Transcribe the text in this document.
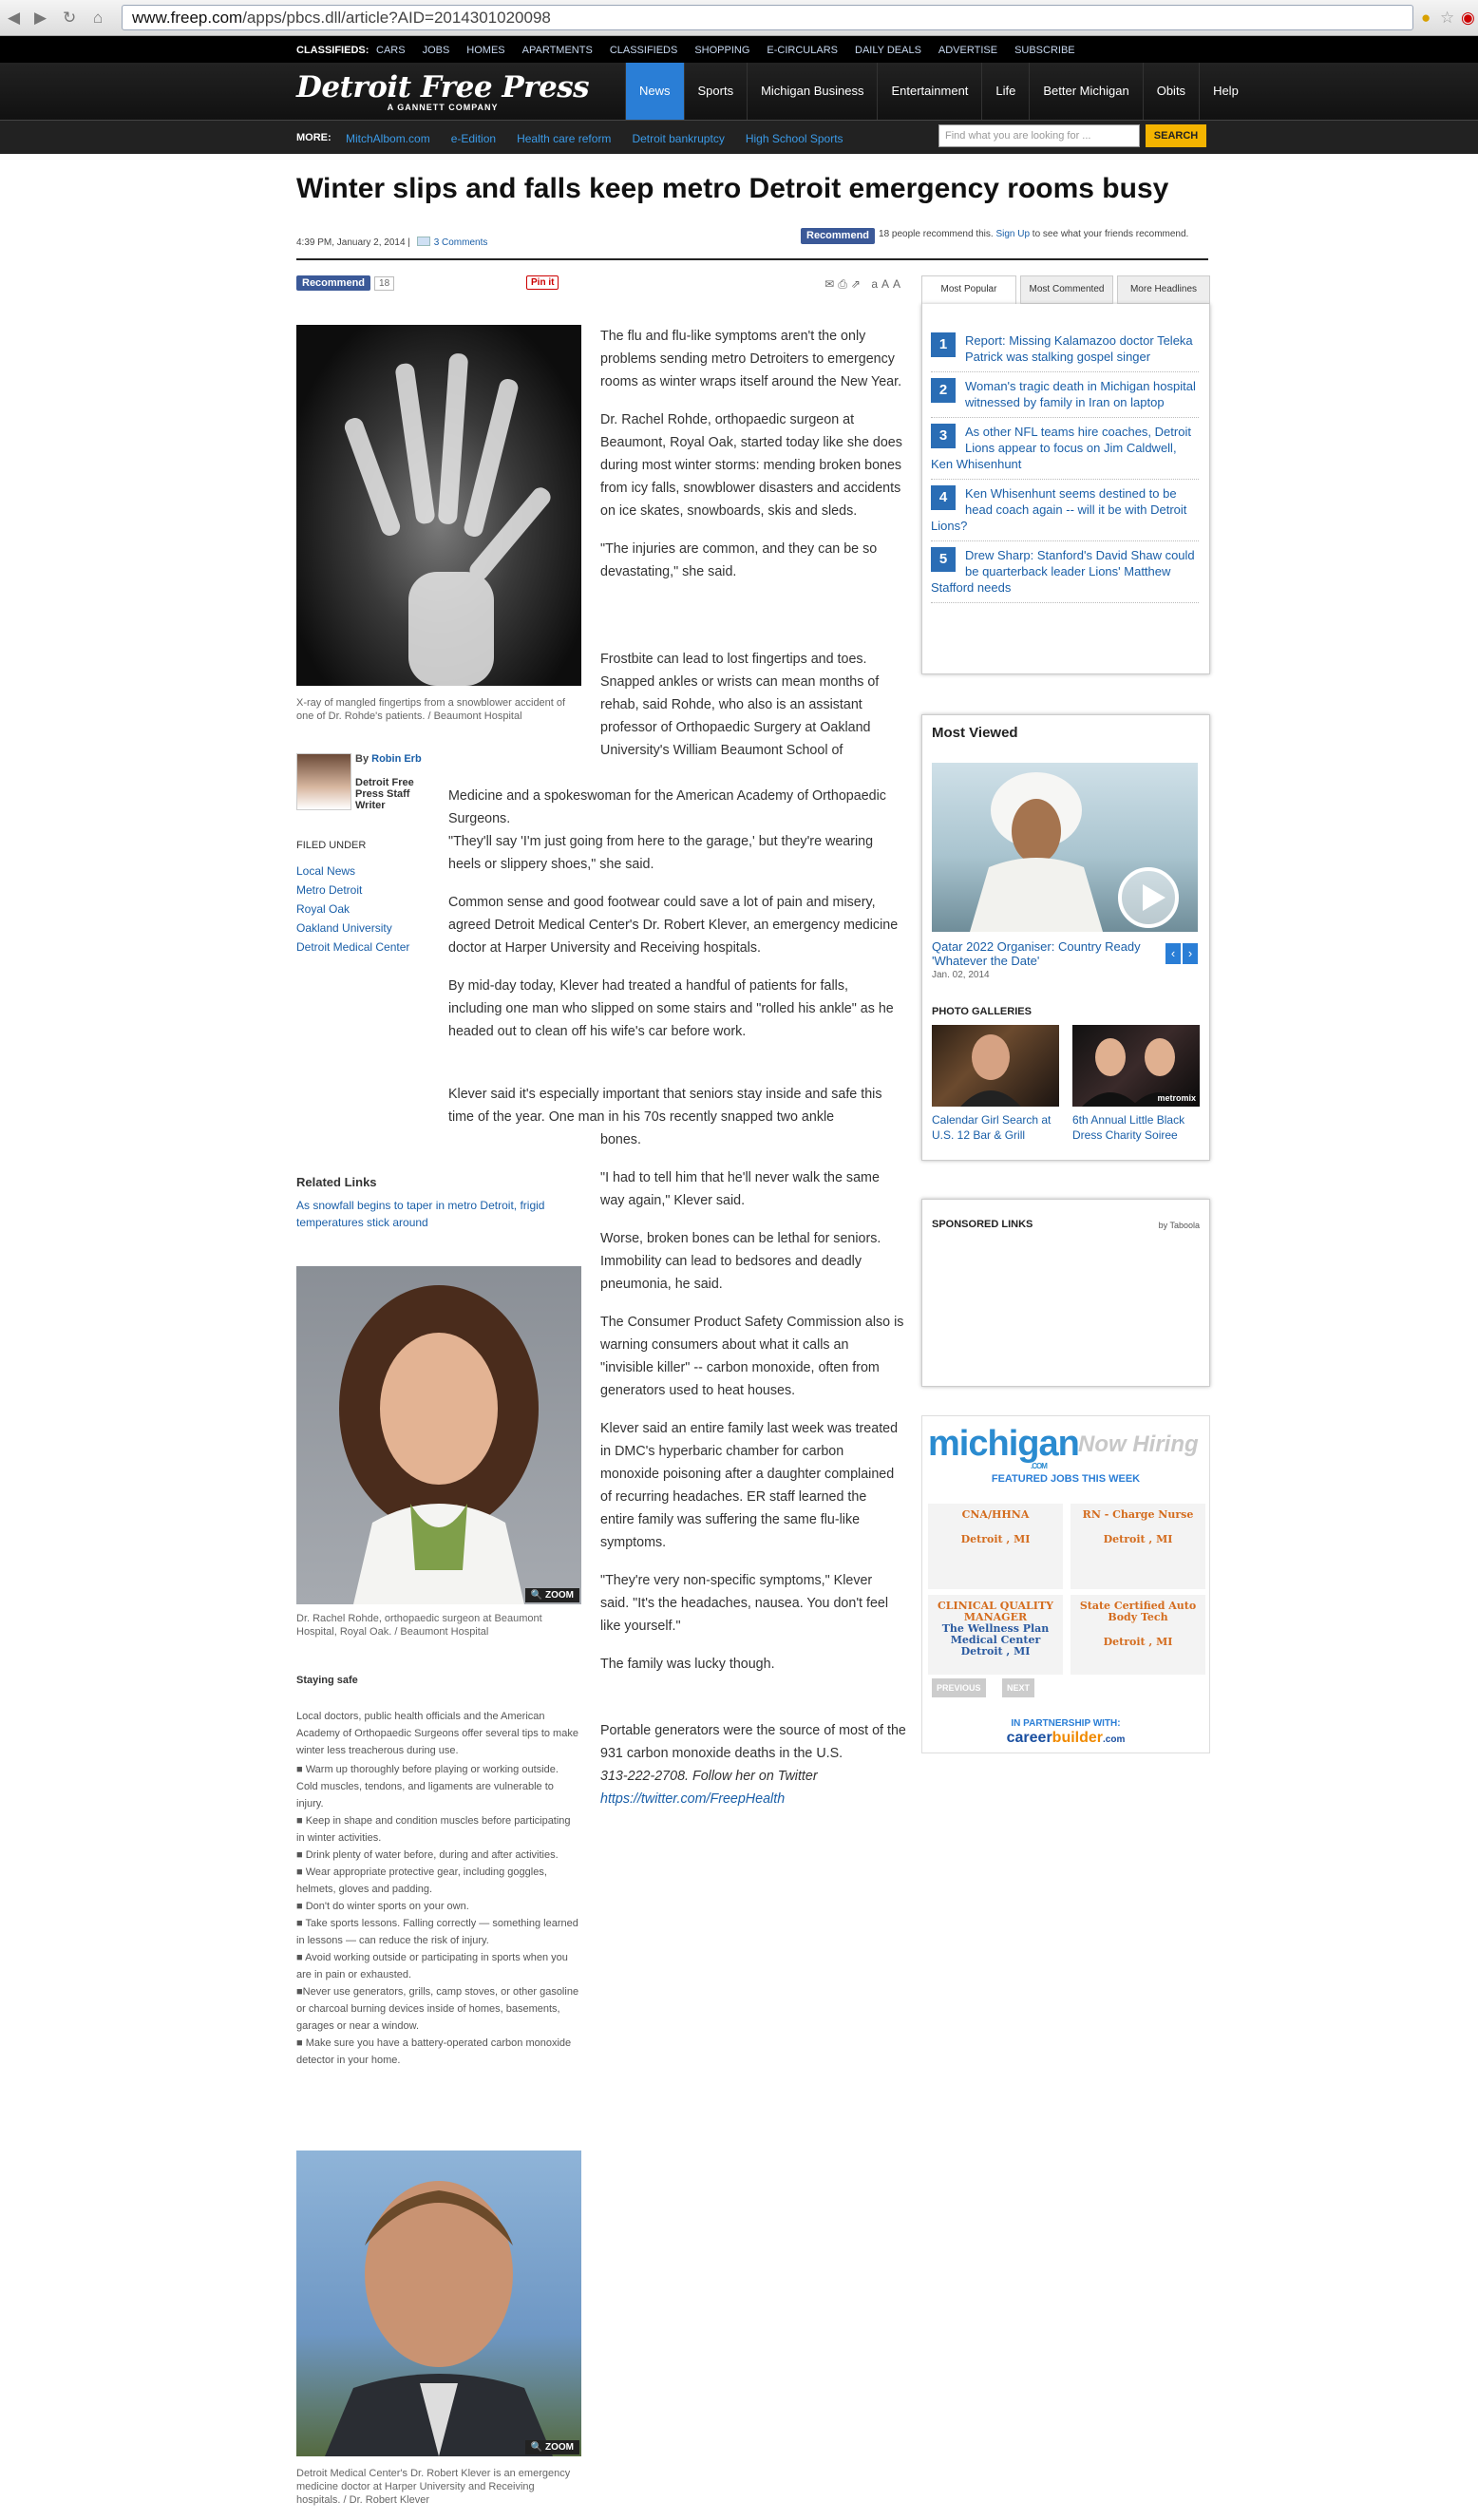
◀ ▶ ↻ ⌂	www.freep.com/apps/pbcs.dll/article?AID=2014301020098	● ☆ ◉
CLASSIFIEDS: CARS JOBS HOMES APARTMENTS CLASSIFIEDS SHOPPING E-CIRCULARS DAILY DEALS ADVERTISE SUBSCRIBE
Detroit Free Press
A GANNETT COMPANY
News	Sports	Michigan Business	Entertainment	Life	Better Michigan	Obits	Help
MORE: MitchAlbom.com e-Edition Health care reform Detroit bankruptcy High School Sports	Find what you are looking for ...	SEARCH
Winter slips and falls keep metro Detroit emergency rooms busy
4:39 PM, January 2, 2014 | 3 Comments
Recommend	18 people recommend this. Sign Up to see what your friends recommend.
Recommend 18	Pin it	✉⎙⇗ aAA
X-ray of mangled fingertips from a snowblower accident of one of Dr. Rohde's patients. / Beaumont Hospital
By Robin Erb
Detroit Free Press Staff Writer
FILED UNDER
Local News
Metro Detroit
Royal Oak
Oakland University
Detroit Medical Center

The flu and flu-like symptoms aren't the only problems sending metro Detroiters to emergency rooms as winter wraps itself around the New Year.

Dr. Rachel Rohde, orthopaedic surgeon at Beaumont, Royal Oak, started today like she does during most winter storms: mending broken bones from icy falls, snowblower disasters and accidents on ice skates, snowboards, skis and sleds.

"The injuries are common, and they can be so devastating," she said.

Frostbite can lead to lost fingertips and toes. Snapped ankles or wrists can mean months of rehab, said Rohde, who also is an assistant professor of Orthopaedic Surgery at Oakland University's William Beaumont School of
Medicine and a spokeswoman for the American Academy of Orthopaedic Surgeons.

"They'll say 'I'm just going from here to the garage,' but they're wearing heels or slippery shoes," she said.

Common sense and good footwear could save a lot of pain and misery, agreed Detroit Medical Center's Dr. Robert Klever, an emergency medicine doctor at Harper University and Receiving hospitals.

By mid-day today, Klever had treated a handful of patients for falls, including one man who slipped on some stairs and "rolled his ankle" as he headed out to clean off his wife's car before work.

Klever said it's especially important that seniors stay inside and safe this time of the year. One man in his 70s recently snapped two ankle
bones.

"I had to tell him that he'll never walk the same way again," Klever said.

Worse, broken bones can be lethal for seniors. Immobility can lead to bedsores and deadly pneumonia, he said.

The Consumer Product Safety Commission also is warning consumers about what it calls an "invisible killer" -- carbon monoxide, often from generators used to heat houses.

Klever said an entire family last week was treated in DMC's hyperbaric chamber for carbon monoxide poisoning after a daughter complained of recurring headaches. ER staff learned the entire family was suffering the same flu-like symptoms.

"They're very non-specific symptoms," Klever said. "It's the headaches, nausea. You don't feel like yourself."

The family was lucky though.

Portable generators were the source of most of the 931 carbon monoxide deaths in the U.S.
313-222-2708. Follow her on Twitter
https://twitter.com/FreepHealth
Related Links
As snowfall begins to taper in metro Detroit, frigid temperatures stick around
🔍 ZOOM
Dr. Rachel Rohde, orthopaedic surgeon at Beaumont Hospital, Royal Oak. / Beaumont Hospital
Staying safe

Local doctors, public health officials and the American Academy of Orthopaedic Surgeons offer several tips to make winter less treacherous during use.

■ Warm up thoroughly before playing or working outside. Cold muscles, tendons, and ligaments are vulnerable to injury.

■ Keep in shape and condition muscles before participating in winter activities.

■ Drink plenty of water before, during and after activities.

■ Wear appropriate protective gear, including goggles, helmets, gloves and padding.

■ Don't do winter sports on your own.

■ Take sports lessons. Falling correctly — something learned in lessons — can reduce the risk of injury.

■ Avoid working outside or participating in sports when you are in pain or exhausted.

■Never use generators, grills, camp stoves, or other gasoline or charcoal burning devices inside of homes, basements, garages or near a window.

■ Make sure you have a battery-operated carbon monoxide detector in your home.

🔍 ZOOM
Detroit Medical Center's Dr. Robert Klever is an emergency medicine doctor at Harper University and Receiving hospitals. / Dr. Robert Klever
Most Popular	Most Commented	More Headlines
1	Report: Missing Kalamazoo doctor Teleka Patrick was stalking gospel singer
2	Woman's tragic death in Michigan hospital witnessed by family in Iran on laptop
3	As other NFL teams hire coaches, Detroit Lions appear to focus on Jim Caldwell, Ken Whisenhunt
4	Ken Whisenhunt seems destined to be head coach again -- will it be with Detroit Lions?
5	Drew Sharp: Stanford's David Shaw could be quarterback leader Lions' Matthew Stafford needs
Most Viewed
Qatar 2022 Organiser: Country Ready 'Whatever the Date'
Jan. 02, 2014
‹	›
PHOTO GALLERIES
metromix
Calendar Girl Search at U.S. 12 Bar & Grill
6th Annual Little Black Dress Charity Soiree
SPONSORED LINKS	by Taboola
michigan
.COM
Now Hiring
FEATURED JOBS THIS WEEK
CNA/HHNA
Detroit , MI
RN - Charge Nurse
Detroit , MI
CLINICAL QUALITY MANAGER
The Wellness Plan Medical Center
Detroit , MI
State Certified Auto Body Tech
Detroit , MI
PREVIOUS	NEXT
IN PARTNERSHIP WITH:
careerbuilder.com
